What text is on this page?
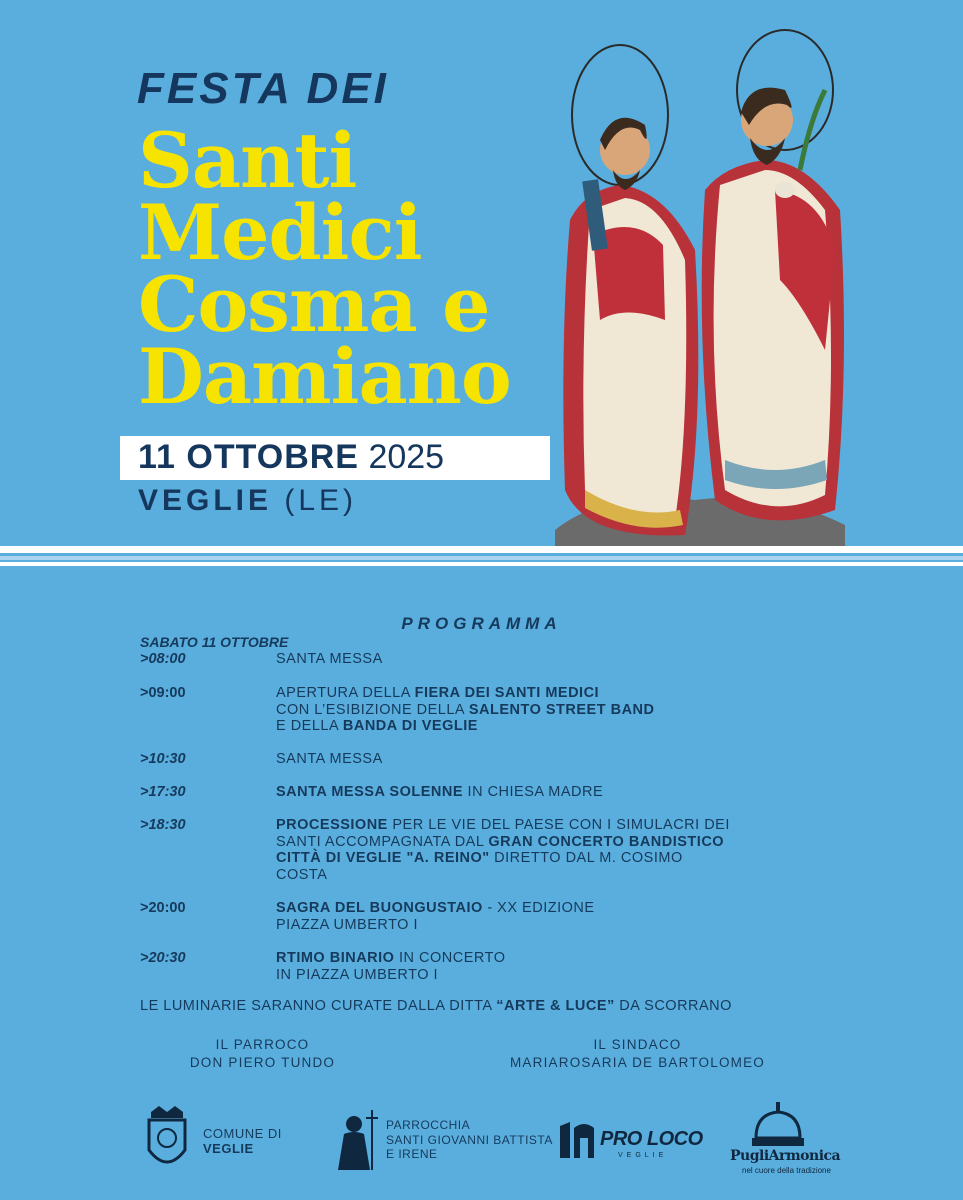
FESTA DEI
Santi
Medici
Cosma e
Damiano
11 OTTOBRE 2025
VEGLIE (LE)
PROGRAMMA
SABATO 11 OTTOBRE
>08:00	SANTA MESSA
>09:00	APERTURA DELLA FIERA DEI SANTI MEDICI
CON L’ESIBIZIONE DELLA SALENTO STREET BAND
E DELLA BANDA DI VEGLIE
>10:30	SANTA MESSA
>17:30	SANTA MESSA SOLENNE IN CHIESA MADRE
>18:30	PROCESSIONE PER LE VIE DEL PAESE CON I SIMULACRI DEI
SANTI ACCOMPAGNATA DAL GRAN CONCERTO BANDISTICO
CITTÀ DI VEGLIE "A. REINO" DIRETTO DAL M. COSIMO
COSTA
>20:00	SAGRA DEL BUONGUSTAIO - XX EDIZIONE
PIAZZA UMBERTO I
>20:30	RTIMO BINARIO IN CONCERTO
IN PIAZZA UMBERTO I
LE LUMINARIE SARANNO CURATE DALLA DITTA “ARTE & LUCE” DA SCORRANO
IL PARROCO
DON PIERO TUNDO
IL SINDACO
MARIAROSARIA DE BARTOLOMEO
COMUNE DI
VEGLIE
PARROCCHIA
SANTI GIOVANNI BATTISTA
E IRENE
PRO LOCO
VEGLIE	PugliArmonica
nel cuore della tradizione
